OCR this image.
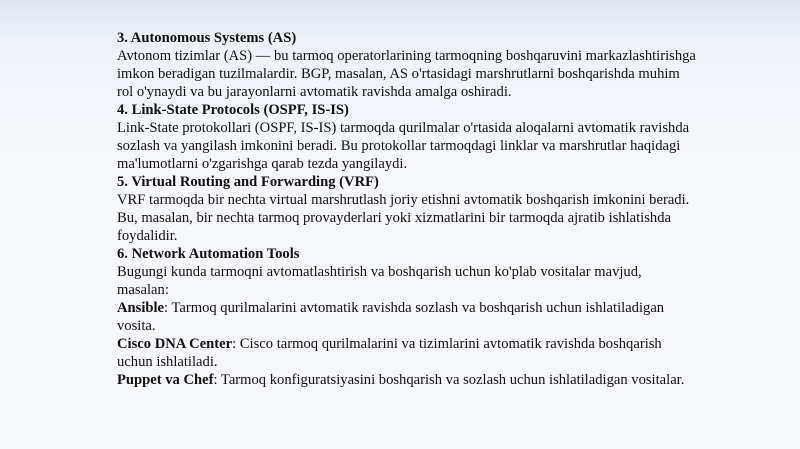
3. Autonomous Systems (AS)
Avtonom tizimlar (AS) — bu tarmoq operatorlarining tarmoqning boshqaruvini markazlashtirishga imkon beradigan tuzilmalardir. BGP, masalan, AS o'rtasidagi marshrutlarni boshqarishda muhim rol o'ynaydi va bu jarayonlarni avtomatik ravishda amalga oshiradi.
4. Link-State Protocols (OSPF, IS-IS)
Link-State protokollari (OSPF, IS-IS) tarmoqda qurilmalar o'rtasida aloqalarni avtomatik ravishda sozlash va yangilash imkonini beradi. Bu protokollar tarmoqdagi linklar va marshrutlar haqidagi ma'lumotlarni o'zgarishga qarab tezda yangilaydi.
5. Virtual Routing and Forwarding (VRF)
VRF tarmoqda bir nechta virtual marshrutlash joriy etishni avtomatik boshqarish imkonini beradi. Bu, masalan, bir nechta tarmoq provayderlari yoki xizmatlarini bir tarmoqda ajratib ishlatishda foydalidir.
6. Network Automation Tools
Bugungi kunda tarmoqni avtomatlashtirish va boshqarish uchun ko'plab vositalar mavjud, masalan:
Ansible: Tarmoq qurilmalarini avtomatik ravishda sozlash va boshqarish uchun ishlatiladigan vosita.
Cisco DNA Center: Cisco tarmoq qurilmalarini va tizimlarini avtomatik ravishda boshqarish uchun ishlatiladi.
Puppet va Chef: Tarmoq konfiguratsiyasini boshqarish va sozlash uchun ishlatiladigan vositalar.
